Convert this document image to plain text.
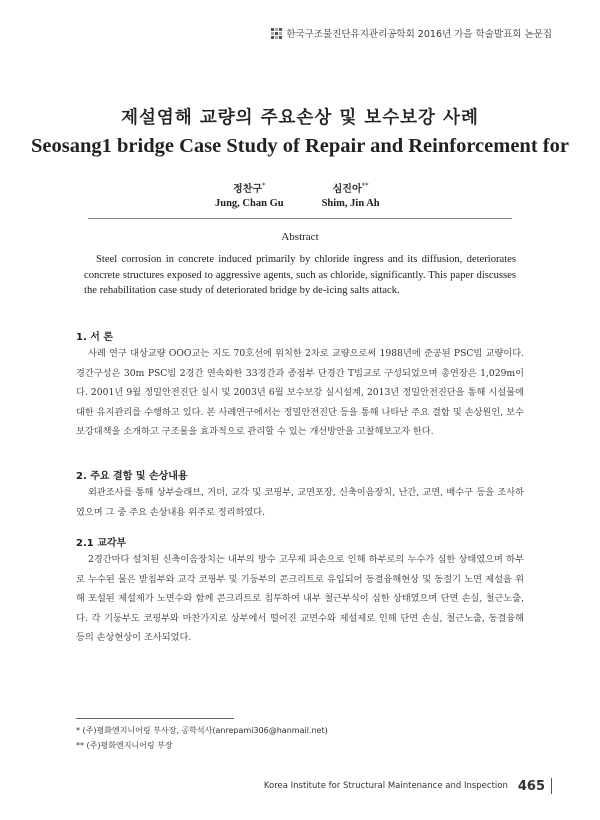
한국구조물진단유지관리공학회 2016년 가을 학술발표회 논문집
제설염해 교량의 주요손상 및 보수보강 사례
Seosang1 bridge Case Study of Repair and Reinforcement for
정찬구*
Jung, Chan Gu
심진아**
Shim, Jin Ah
Abstract
Steel corrosion in concrete induced primarily by chloride ingress and its diffusion, deteriorates concrete structures exposed to aggressive agents, such as chloride, significantly. This paper discusses the rehabilitation case study of deteriorated bridge by de-icing salts attack.
1. 서 론
사례 연구 대상교량 OOO교는 지도 70호선에 위치한 2차로 교량으로써 1988년에 준공된 PSC빔 교량이다. 경간구성은 30m PSC빔 2경간 연속화한 33경간과 종점부 단경간 T빔교로 구성되었으며 총연장은 1,029m이다. 2001년 9월 정밀안전진단 실시 및 2003년 6월 보수보강 실시설계, 2013년 정밀안전진단을 통해 시설물에 대한 유지관리를 수행하고 있다. 본 사례연구에서는 정밀안전진단 등을 통해 나타난 주요 결함 및 손상원인, 보수보강대책을 소개하고 구조물을 효과적으로 관리할 수 있는 개선방안을 고찰해보고자 한다.
2. 주요 결함 및 손상내용
외관조사를 통해 상부슬래브, 거더, 교각 및 코핑부, 교면포장, 신축이음장치, 난간, 교면, 배수구 등을 조사하였으며 그 중 주요 손상내용 위주로 정리하였다.
2.1 교각부
2경간마다 설치된 신축이음장치는 내부의 방수 고무제 파손으로 인해 하부로의 누수가 심한 상태였으며 하부로 누수된 물은 받침부와 교각 코핑부 및 기둥부의 콘크리트로 유입되어 동결융해현상 및 동절기 노면 제설을 위해 포설된 제설제가 노면수와 함께 콘크리트로 침투하여 내부 철근부식이 심한 상태였으며 단면 손실, 철근노출, 다. 각 기둥부도 코핑부와 마찬가지로 상부에서 떨어진 교면수와 제설제로 인해 단면 손실, 철근노출, 동결융해 등의 손상현상이 조사되었다.
* (주)평화엔지니어링 부사장, 공학석사(anrepami306@hanmail.net)
** (주)평화엔지니어링 부장
Korea Institute for Structural Maintenance and Inspection 465
